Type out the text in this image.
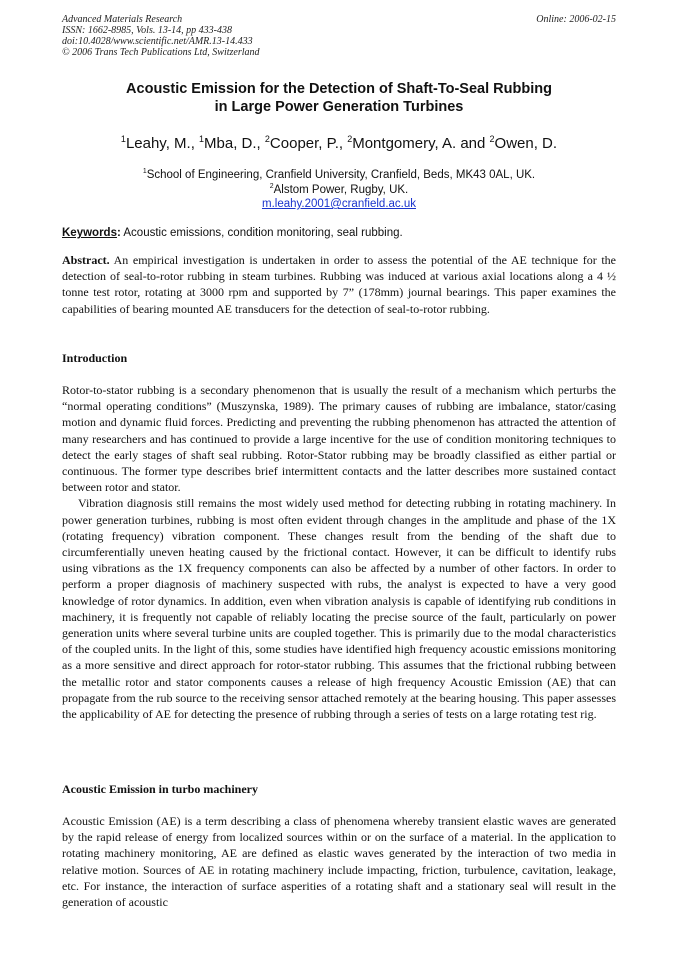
Advanced Materials Research
ISSN: 1662-8985, Vols. 13-14, pp 433-438
doi:10.4028/www.scientific.net/AMR.13-14.433
© 2006 Trans Tech Publications Ltd, Switzerland
Online: 2006-02-15
Acoustic Emission for the Detection of Shaft-To-Seal Rubbing
in Large Power Generation Turbines
$^1$Leahy, M., $^1$Mba, D., $^2$Cooper, P., $^2$Montgomery, A. and $^2$Owen, D.
$^1$School of Engineering, Cranfield University, Cranfield, Beds, MK43 0AL, UK.
$^2$Alstom Power, Rugby, UK.
m.leahy.2001@cranfield.ac.uk
Keywords: Acoustic emissions, condition monitoring, seal rubbing.

Abstract. An empirical investigation is undertaken in order to assess the potential of the AE technique for the detection of seal-to-rotor rubbing in steam turbines. Rubbing was induced at various axial locations along a 4 ½ tonne test rotor, rotating at 3000 rpm and supported by 7” (178mm) journal bearings. This paper examines the capabilities of bearing mounted AE transducers for the detection of seal-to-rotor rubbing.

Introduction

Rotor-to-stator rubbing is a secondary phenomenon that is usually the result of a mechanism which perturbs the “normal operating conditions” (Muszynska, 1989). The primary causes of rubbing are imbalance, stator/casing motion and dynamic fluid forces. Predicting and preventing the rubbing phenomenon has attracted the attention of many researchers and has continued to provide a large incentive for the use of condition monitoring techniques to detect the early stages of shaft seal rubbing. Rotor-Stator rubbing may be broadly classified as either partial or continuous. The former type describes brief intermittent contacts and the latter describes more sustained contact between rotor and stator.

Vibration diagnosis still remains the most widely used method for detecting rubbing in rotating machinery. In power generation turbines, rubbing is most often evident through changes in the amplitude and phase of the 1X (rotating frequency) vibration component. These changes result from the bending of the shaft due to circumferentially uneven heating caused by the frictional contact. However, it can be difficult to identify rubs using vibrations as the 1X frequency components can also be affected by a number of other factors. In order to perform a proper diagnosis of machinery suspected with rubs, the analyst is expected to have a very good knowledge of rotor dynamics. In addition, even when vibration analysis is capable of identifying rub conditions in machinery, it is frequently not capable of reliably locating the precise source of the fault, particularly on power generation units where several turbine units are coupled together. This is primarily due to the modal characteristics of the coupled units. In the light of this, some studies have identified high frequency acoustic emissions monitoring as a more sensitive and direct approach for rotor-stator rubbing. This assumes that the frictional rubbing between the metallic rotor and stator components causes a release of high frequency Acoustic Emission (AE) that can propagate from the rub source to the receiving sensor attached remotely at the bearing housing. This paper assesses the applicability of AE for detecting the presence of rubbing through a series of tests on a large rotating test rig.

Acoustic Emission in turbo machinery

Acoustic Emission (AE) is a term describing a class of phenomena whereby transient elastic waves are generated by the rapid release of energy from localized sources within or on the surface of a material. In the application to rotating machinery monitoring, AE are defined as elastic waves generated by the interaction of two media in relative motion. Sources of AE in rotating machinery include impacting, friction, turbulence, cavitation, leakage, etc. For instance, the interaction of surface asperities of a rotating shaft and a stationary seal will result in the generation of acoustic
